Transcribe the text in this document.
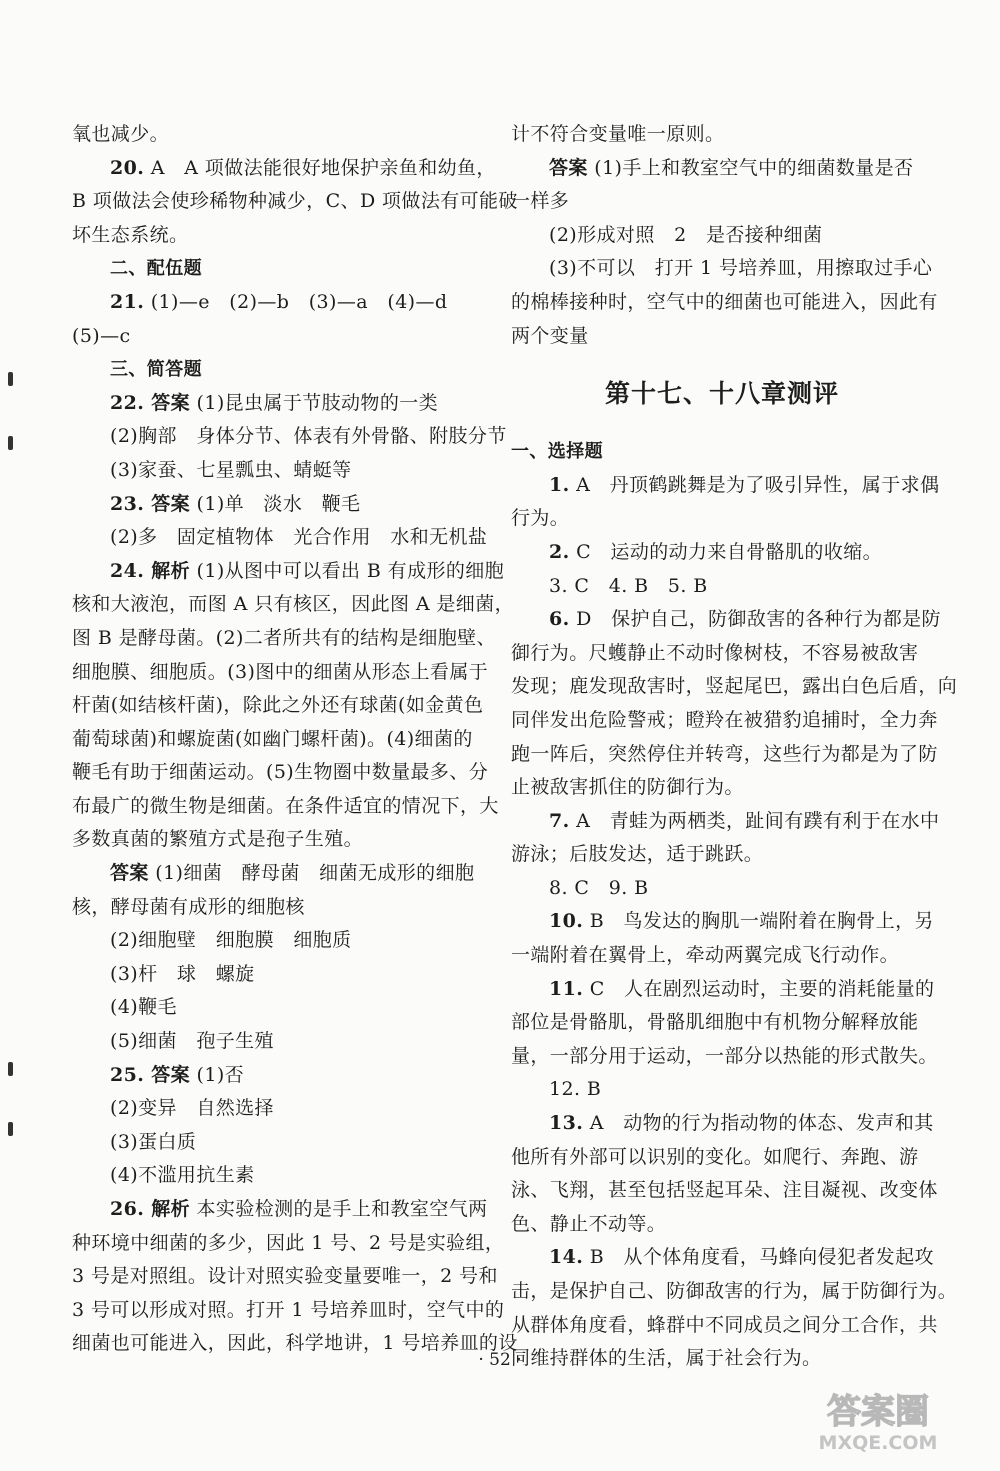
氧也减少。
20. A　A 项做法能很好地保护亲鱼和幼鱼，
B 项做法会使珍稀物种减少，C、D 项做法有可能破
坏生态系统。
二、配伍题
21. (1)—e　(2)—b　(3)—a　(4)—d
(5)—c
三、简答题
22. 答案 (1)昆虫属于节肢动物的一类
(2)胸部　身体分节、体表有外骨骼、附肢分节
(3)家蚕、七星瓢虫、蜻蜓等
23. 答案 (1)单　淡水　鞭毛
(2)多　固定植物体　光合作用　水和无机盐
24. 解析 (1)从图中可以看出 B 有成形的细胞
核和大液泡，而图 A 只有核区，因此图 A 是细菌，
图 B 是酵母菌。(2)二者所共有的结构是细胞壁、
细胞膜、细胞质。(3)图中的细菌从形态上看属于
杆菌(如结核杆菌)，除此之外还有球菌(如金黄色
葡萄球菌)和螺旋菌(如幽门螺杆菌)。(4)细菌的
鞭毛有助于细菌运动。(5)生物圈中数量最多、分
布最广的微生物是细菌。在条件适宜的情况下，大
多数真菌的繁殖方式是孢子生殖。
答案 (1)细菌　酵母菌　细菌无成形的细胞
核，酵母菌有成形的细胞核
(2)细胞壁　细胞膜　细胞质
(3)杆　球　螺旋
(4)鞭毛
(5)细菌　孢子生殖
25. 答案 (1)否
(2)变异　自然选择
(3)蛋白质
(4)不滥用抗生素
26. 解析 本实验检测的是手上和教室空气两
种环境中细菌的多少，因此 1 号、2 号是实验组，
3 号是对照组。设计对照实验变量要唯一，2 号和
3 号可以形成对照。打开 1 号培养皿时，空气中的
细菌也可能进入，因此，科学地讲，1 号培养皿的设
计不符合变量唯一原则。
答案 (1)手上和教室空气中的细菌数量是否
一样多
(2)形成对照　2　是否接种细菌
(3)不可以　打开 1 号培养皿，用擦取过手心
的棉棒接种时，空气中的细菌也可能进入，因此有
两个变量
第十七、十八章测评
一、选择题
1. A　丹顶鹤跳舞是为了吸引异性，属于求偶
行为。
2. C　运动的动力来自骨骼肌的收缩。
3. C　4. B　5. B
6. D　保护自己，防御敌害的各种行为都是防
御行为。尺蠖静止不动时像树枝，不容易被敌害
发现；鹿发现敌害时，竖起尾巴，露出白色后盾，向
同伴发出危险警戒；瞪羚在被猎豹追捕时，全力奔
跑一阵后，突然停住并转弯，这些行为都是为了防
止被敌害抓住的防御行为。
7. A　青蛙为两栖类，趾间有蹼有利于在水中
游泳；后肢发达，适于跳跃。
8. C　9. B
10. B　鸟发达的胸肌一端附着在胸骨上，另
一端附着在翼骨上，牵动两翼完成飞行动作。
11. C　人在剧烈运动时，主要的消耗能量的
部位是骨骼肌，骨骼肌细胞中有机物分解释放能
量，一部分用于运动，一部分以热能的形式散失。
12. B
13. A　动物的行为指动物的体态、发声和其
他所有外部可以识别的变化。如爬行、奔跑、游
泳、飞翔，甚至包括竖起耳朵、注目凝视、改变体
色、静止不动等。
14. B　从个体角度看，马蜂向侵犯者发起攻
击，是保护自己、防御敌害的行为，属于防御行为。
从群体角度看，蜂群中不同成员之间分工合作，共
同维持群体的生活，属于社会行为。
· 52 ·
答案圈
MXQE.COM
